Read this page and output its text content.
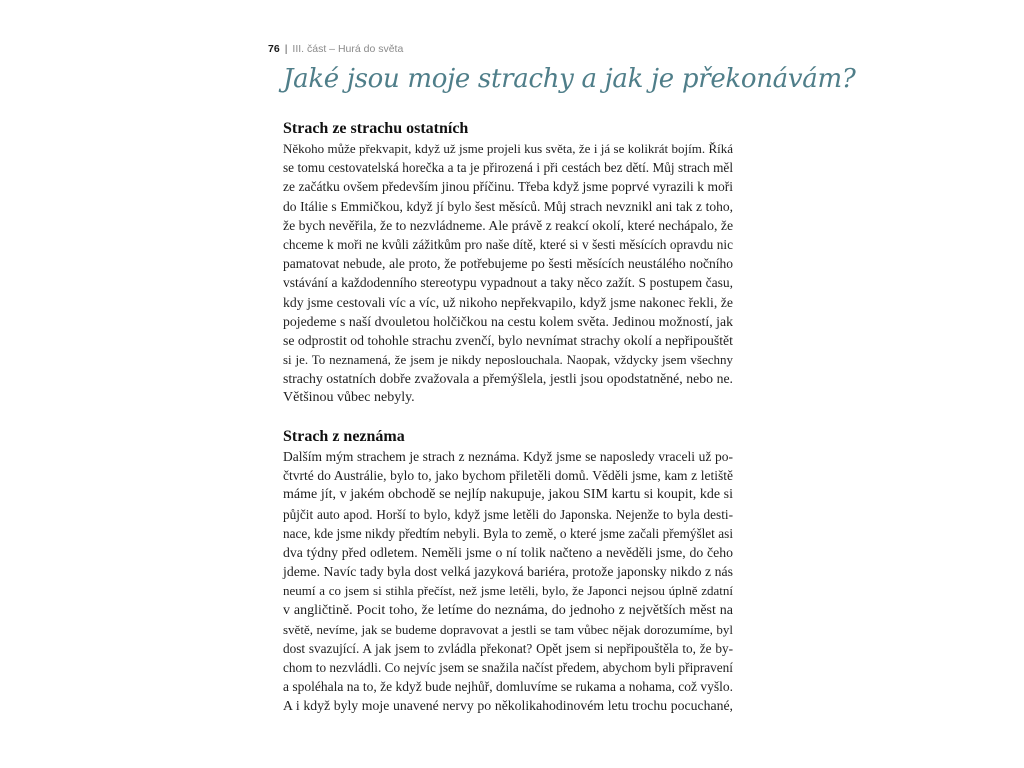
76 | III. část – Hurá do světa
Jaké jsou moje strachy a jak je překonávám?
Strach ze strachu ostatních
Někoho může překvapit, když už jsme projeli kus světa, že i já se kolikrát bojím. Říká
se tomu cestovatelská horečka a ta je přirozená i při cestách bez dětí. Můj strach měl
ze začátku ovšem především jinou příčinu. Třeba když jsme poprvé vyrazili k moři
do Itálie s Emmičkou, když jí bylo šest měsíců. Můj strach nevznikl ani tak z toho,
že bych nevěřila, že to nezvládneme. Ale právě z reakcí okolí, které nechápalo, že
chceme k moři ne kvůli zážitkům pro naše dítě, které si v šesti měsících opravdu nic
pamatovat nebude, ale proto, že potřebujeme po šesti měsících neustálého nočního
vstávání a každodenního stereotypu vypadnout a taky něco zažít. S postupem času,
kdy jsme cestovali víc a víc, už nikoho nepřekvapilo, když jsme nakonec řekli, že
pojedeme s naší dvouletou holčičkou na cestu kolem světa. Jedinou možností, jak
se odprostit od tohohle strachu zvenčí, bylo nevnímat strachy okolí a nepřipouštět
si je. To neznamená, že jsem je nikdy neposlouchala. Naopak, vždycky jsem všechny
strachy ostatních dobře zvažovala a přemýšlela, jestli jsou opodstatněné, nebo ne.
Většinou vůbec nebyly.
Strach z neznáma
Dalším mým strachem je strach z neznáma. Když jsme se naposledy vraceli už po-
čtvrté do Austrálie, bylo to, jako bychom přiletěli domů. Věděli jsme, kam z letiště
máme jít, v jakém obchodě se nejlíp nakupuje, jakou SIM kartu si koupit, kde si
půjčit auto apod. Horší to bylo, když jsme letěli do Japonska. Nejenže to byla desti-
nace, kde jsme nikdy předtím nebyli. Byla to země, o které jsme začali přemýšlet asi
dva týdny před odletem. Neměli jsme o ní tolik načteno a nevěděli jsme, do čeho
jdeme. Navíc tady byla dost velká jazyková bariéra, protože japonsky nikdo z nás
neumí a co jsem si stihla přečíst, než jsme letěli, bylo, že Japonci nejsou úplně zdatní
v angličtině. Pocit toho, že letíme do neznáma, do jednoho z největších měst na
světě, nevíme, jak se budeme dopravovat a jestli se tam vůbec nějak dorozumíme, byl
dost svazující. A jak jsem to zvládla překonat? Opět jsem si nepřipouštěla to, že by-
chom to nezvládli. Co nejvíc jsem se snažila načíst předem, abychom byli připravení
a spoléhala na to, že když bude nejhůř, domluvíme se rukama a nohama, což vyšlo.
A i když byly moje unavené nervy po několikahodinovém letu trochu pocuchané,
